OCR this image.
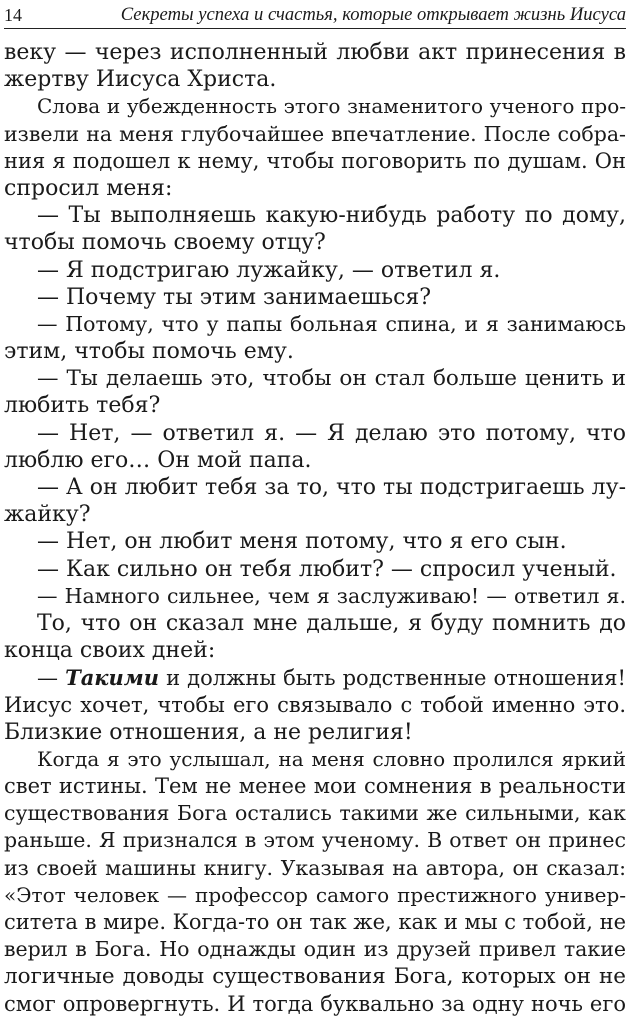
14	Секреты успеха и счастья, которые открывает жизнь Иисуса
веку — через исполненный любви акт принесения в
жертву Иисуса Христа.
Слова и убежденность этого знаменитого ученого про-
извели на меня глубочайшее впечатление. После собра-
ния я подошел к нему, чтобы поговорить по душам. Он
спросил меня:
— Ты выполняешь какую-нибудь работу по дому,
чтобы помочь своему отцу?
— Я подстригаю лужайку, — ответил я.
— Почему ты этим занимаешься?
— Потому, что у папы больная спина, и я занимаюсь
этим, чтобы помочь ему.
— Ты делаешь это, чтобы он стал больше ценить и
любить тебя?
— Нет, — ответил я. — Я делаю это потому, что
люблю его… Он мой папа.
— А он любит тебя за то, что ты подстригаешь лу-
жайку?
— Нет, он любит меня потому, что я его сын.
— Как сильно он тебя любит? — спросил ученый.
— Намного сильнее, чем я заслуживаю! — ответил я.
То, что он сказал мне дальше, я буду помнить до
конца своих дней:
— Такими и должны быть родственные отношения!
Иисус хочет, чтобы его связывало с тобой именно это.
Близкие отношения, а не религия!
Когда я это услышал, на меня словно пролился яркий
свет истины. Тем не менее мои сомнения в реальности
существования Бога остались такими же сильными, как
раньше. Я признался в этом ученому. В ответ он принес
из своей машины книгу. Указывая на автора, он сказал:
«Этот человек — профессор самого престижного универ-
ситета в мире. Когда-то он так же, как и мы с тобой, не
верил в Бога. Но однажды один из друзей привел такие
логичные доводы существования Бога, которых он не
смог опровергнуть. И тогда буквально за одну ночь его
